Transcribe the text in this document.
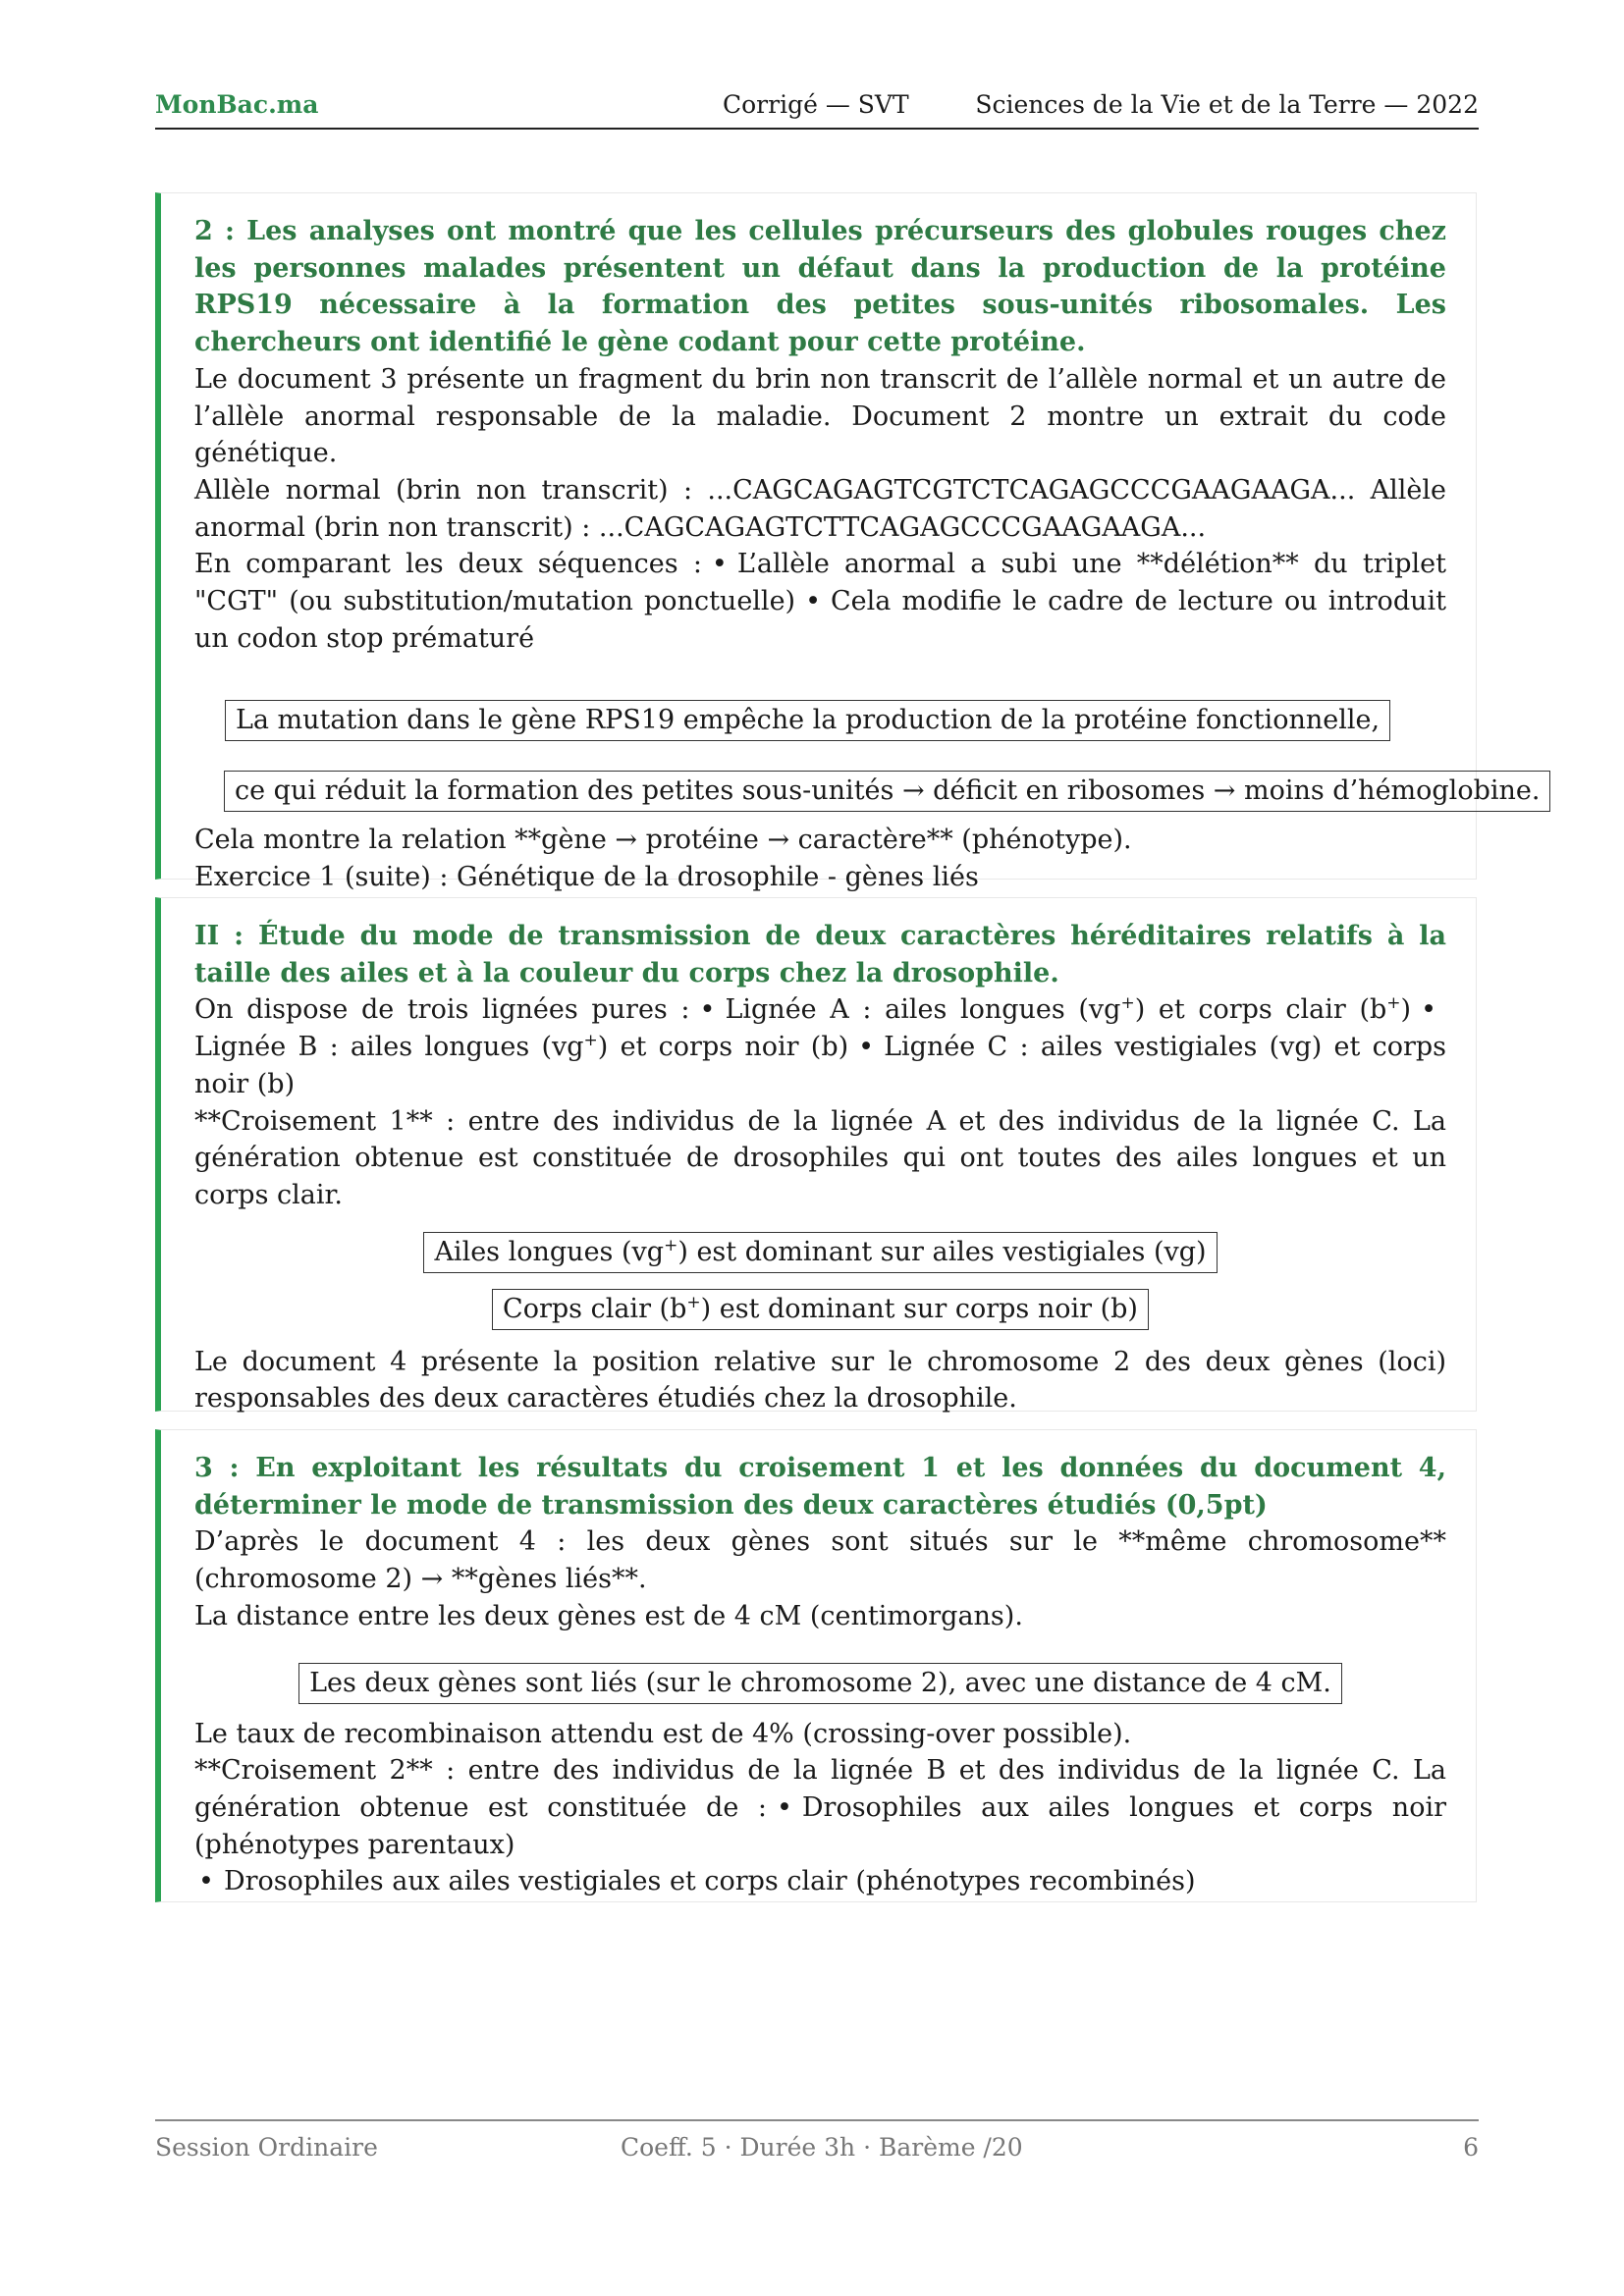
MonBac.ma	Corrigé — SVT	Sciences de la Vie et de la Terre — 2022

2 : Les analyses ont montré que les cellules précurseurs des globules rouges chez les personnes malades présentent un défaut dans la production de la protéine RPS19 nécessaire à la formation des petites sous-unités ribosomales. Les chercheurs ont identifié le gène codant pour cette protéine.

Le document 3 présente un fragment du brin non transcrit de l’allèle normal et un autre de l’allèle anormal responsable de la maladie. Document 2 montre un extrait du code génétique.

Allèle normal (brin non transcrit) : ...CAGCAGAGTCGTCTCAGAGCCCGAAGAAGA... Allèle anormal (brin non transcrit) : ...CAGCAGAGTCTTCAGAGCCCGAAGAAGA...

En comparant les deux séquences : • L’allèle anormal a subi une **délétion** du triplet "CGT" (ou substitution/mutation ponctuelle) • Cela modifie le cadre de lecture ou introduit un codon stop prématuré

La mutation dans le gène RPS19 empêche la production de la protéine fonctionnelle,
ce qui réduit la formation des petites sous-unités → déficit en ribosomes → moins d’hémoglobine.

Cela montre la relation **gène → protéine → caractère** (phénotype).

Exercice 1 (suite) : Génétique de la drosophile - gènes liés

II : Étude du mode de transmission de deux caractères héréditaires relatifs à la taille des ailes et à la couleur du corps chez la drosophile.

On dispose de trois lignées pures : • Lignée A : ailes longues (vg+) et corps clair (b+) •Lignée B : ailes longues (vg+) et corps noir (b) • Lignée C : ailes vestigiales (vg) et corps noir (b)

**Croisement 1** : entre des individus de la lignée A et des individus de la lignée C. La génération obtenue est constituée de drosophiles qui ont toutes des ailes longues et un corps clair.

Ailes longues (vg+) est dominant sur ailes vestigiales (vg)
Corps clair (b+) est dominant sur corps noir (b)

Le document 4 présente la position relative sur le chromosome 2 des deux gènes (loci) responsables des deux caractères étudiés chez la drosophile.

3 : En exploitant les résultats du croisement 1 et les données du document 4, déterminer le mode de transmission des deux caractères étudiés (0,5pt)

D’après le document 4 : les deux gènes sont situés sur le **même chromosome** (chromosome 2) → **gènes liés**.

La distance entre les deux gènes est de 4 cM (centimorgans).

Les deux gènes sont liés (sur le chromosome 2), avec une distance de 4 cM.

Le taux de recombinaison attendu est de 4% (crossing-over possible).

**Croisement 2** : entre des individus de la lignée B et des individus de la lignée C. La génération obtenue est constituée de : • Drosophiles aux ailes longues et corps noir (phénotypes parentaux)

• Drosophiles aux ailes vestigiales et corps clair (phénotypes recombinés)

Session Ordinaire	Coeff. 5 · Durée 3h · Barème /20	6
